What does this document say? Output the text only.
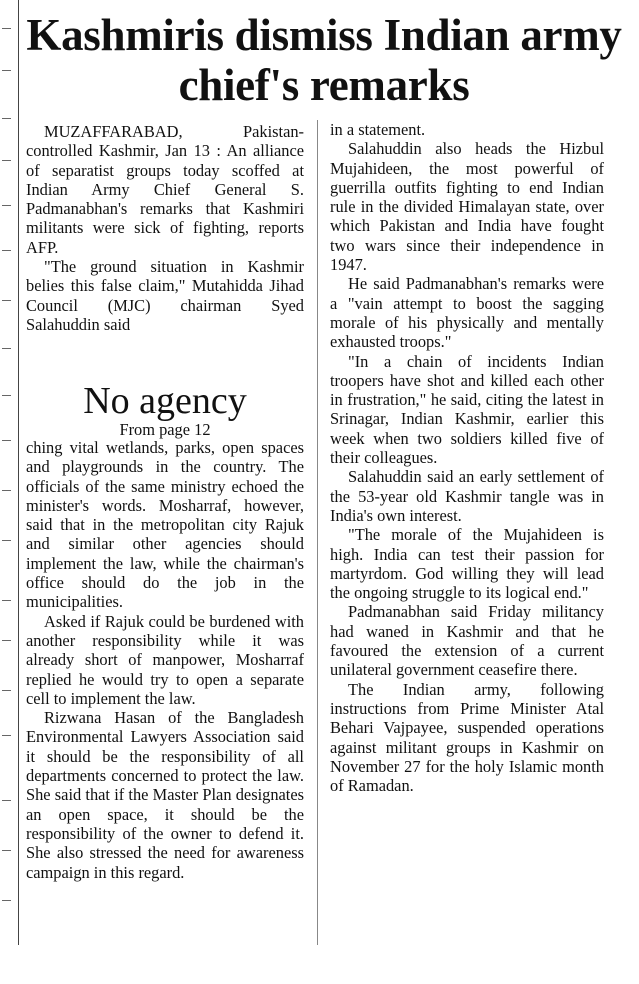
Kashmiris dismiss Indian army chief's remarks

MUZAFFARABAD, Pakistan-controlled Kashmir, Jan 13 : An alliance of separatist groups today scoffed at Indian Army Chief General S. Padmanabhan's remarks that Kashmiri militants were sick of fighting, reports AFP.

"The ground situation in Kashmir belies this false claim," Mutahidda Jihad Council (MJC) chairman Syed Salahuddin said

No agency
From page 12

ching vital wetlands, parks, open spaces and playgrounds in the country. The officials of the same ministry echoed the minister's words. Mosharraf, however, said that in the metropolitan city Rajuk and similar other agencies should implement the law, while the chairman's office should do the job in the municipalities.

Asked if Rajuk could be burdened with another responsibility while it was already short of manpower, Mosharraf replied he would try to open a separate cell to implement the law.

Rizwana Hasan of the Bangladesh Environmental Lawyers Association said it should be the responsibility of all departments concerned to protect the law. She said that if the Master Plan designates an open space, it should be the responsibility of the owner to defend it. She also stressed the need for awareness campaign in this regard.

in a statement.

Salahuddin also heads the Hizbul Mujahideen, the most powerful of guerrilla outfits fighting to end Indian rule in the divided Himalayan state, over which Pakistan and India have fought two wars since their independence in 1947.

He said Padmanabhan's remarks were a "vain attempt to boost the sagging morale of his physically and mentally exhausted troops."

"In a chain of incidents Indian troopers have shot and killed each other in frustration," he said, citing the latest in Srinagar, Indian Kashmir, earlier this week when two soldiers killed five of their colleagues.

Salahuddin said an early settlement of the 53-year old Kashmir tangle was in India's own interest.

"The morale of the Mujahideen is high. India can test their passion for martyrdom. God willing they will lead the ongoing struggle to its logical end."

Padmanabhan said Friday militancy had waned in Kashmir and that he favoured the extension of a current unilateral government ceasefire there.

The Indian army, following instructions from Prime Minister Atal Behari Vajpayee, suspended operations against militant groups in Kashmir on November 27 for the holy Islamic month of Ramadan.
